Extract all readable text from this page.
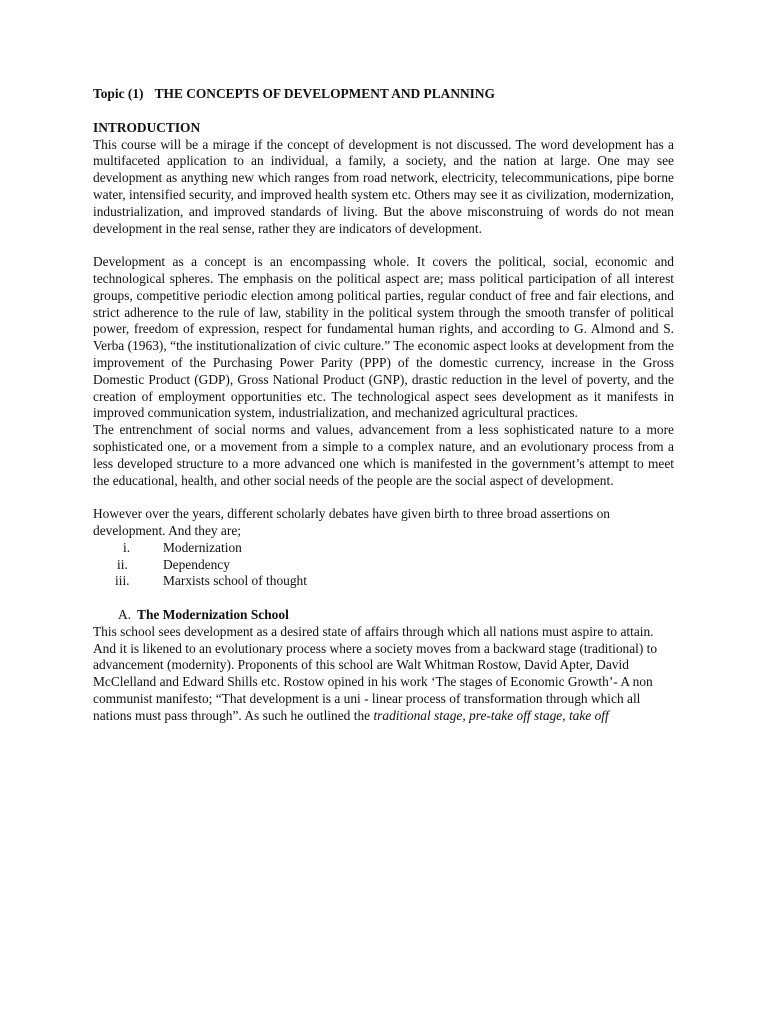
Topic (1) THE CONCEPTS OF DEVELOPMENT AND PLANNING

INTRODUCTION

This course will be a mirage if the concept of development is not discussed. The word development has a multifaceted application to an individual, a family, a society, and the nation at large. One may see development as anything new which ranges from road network, electricity, telecommunications, pipe borne water, intensified security, and improved health system etc. Others may see it as civilization, modernization, industrialization, and improved standards of living. But the above misconstruing of words do not mean development in the real sense, rather they are indicators of development.

Development as a concept is an encompassing whole. It covers the political, social, economic and technological spheres. The emphasis on the political aspect are; mass political participation of all interest groups, competitive periodic election among political parties, regular conduct of free and fair elections, and strict adherence to the rule of law, stability in the political system through the smooth transfer of political power, freedom of expression, respect for fundamental human rights, and according to G. Almond and S. Verba (1963), “the institutionalization of civic culture.” The economic aspect looks at development from the improvement of the Purchasing Power Parity (PPP) of the domestic currency, increase in the Gross Domestic Product (GDP), Gross National Product (GNP), drastic reduction in the level of poverty, and the creation of employment opportunities etc. The technological aspect sees development as it manifests in improved communication system, industrialization, and mechanized agricultural practices.

The entrenchment of social norms and values, advancement from a less sophisticated nature to a more sophisticated one, or a movement from a simple to a complex nature, and an evolutionary process from a less developed structure to a more advanced one which is manifested in the government’s attempt to meet the educational, health, and other social needs of the people are the social aspect of development.

However over the years, different scholarly debates have given birth to three broad assertions on development. And they are;

i.	Modernization
ii.	Dependency
iii.	Marxists school of thought

A. The Modernization School

This school sees development as a desired state of affairs through which all nations must aspire to attain. And it is likened to an evolutionary process where a society moves from a backward stage (traditional) to advancement (modernity). Proponents of this school are Walt Whitman Rostow, David Apter, David McClelland and Edward Shills etc. Rostow opined in his work ‘The stages of Economic Growth’- A non communist manifesto; “That development is a uni - linear process of transformation through which all nations must pass through”. As such he outlined the traditional stage, pre-take off stage, take off
